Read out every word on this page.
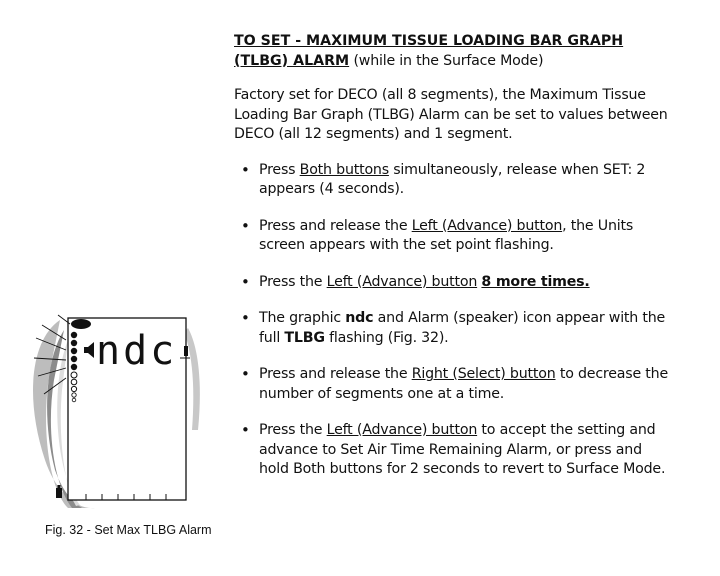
TO SET - MAXIMUM TISSUE LOADING BAR GRAPH
(TLBG) ALARM (while in the Surface Mode)
Factory set for DECO (all 8 segments), the Maximum Tissue Loading Bar Graph (TLBG) Alarm can be set to values between DECO (all 12 segments) and 1 segment.
• Press Both buttons simultaneously, release when SET: 2 appears (4 seconds).
• Press and release the Left (Advance) button, the Units screen appears with the set point flashing.
• Press the Left (Advance) button 8 more times.
• The graphic ndc and Alarm (speaker) icon appear with the full TLBG flashing (Fig. 32).
• Press and release the Right (Select) button to decrease the number of segments one at a time.
• Press the Left (Advance) button to accept the setting and advance to Set Air Time Remaining Alarm, or press and hold Both buttons for 2 seconds to revert to Surface Mode.
ndc
Fig. 32 - Set Max TLBG Alarm
